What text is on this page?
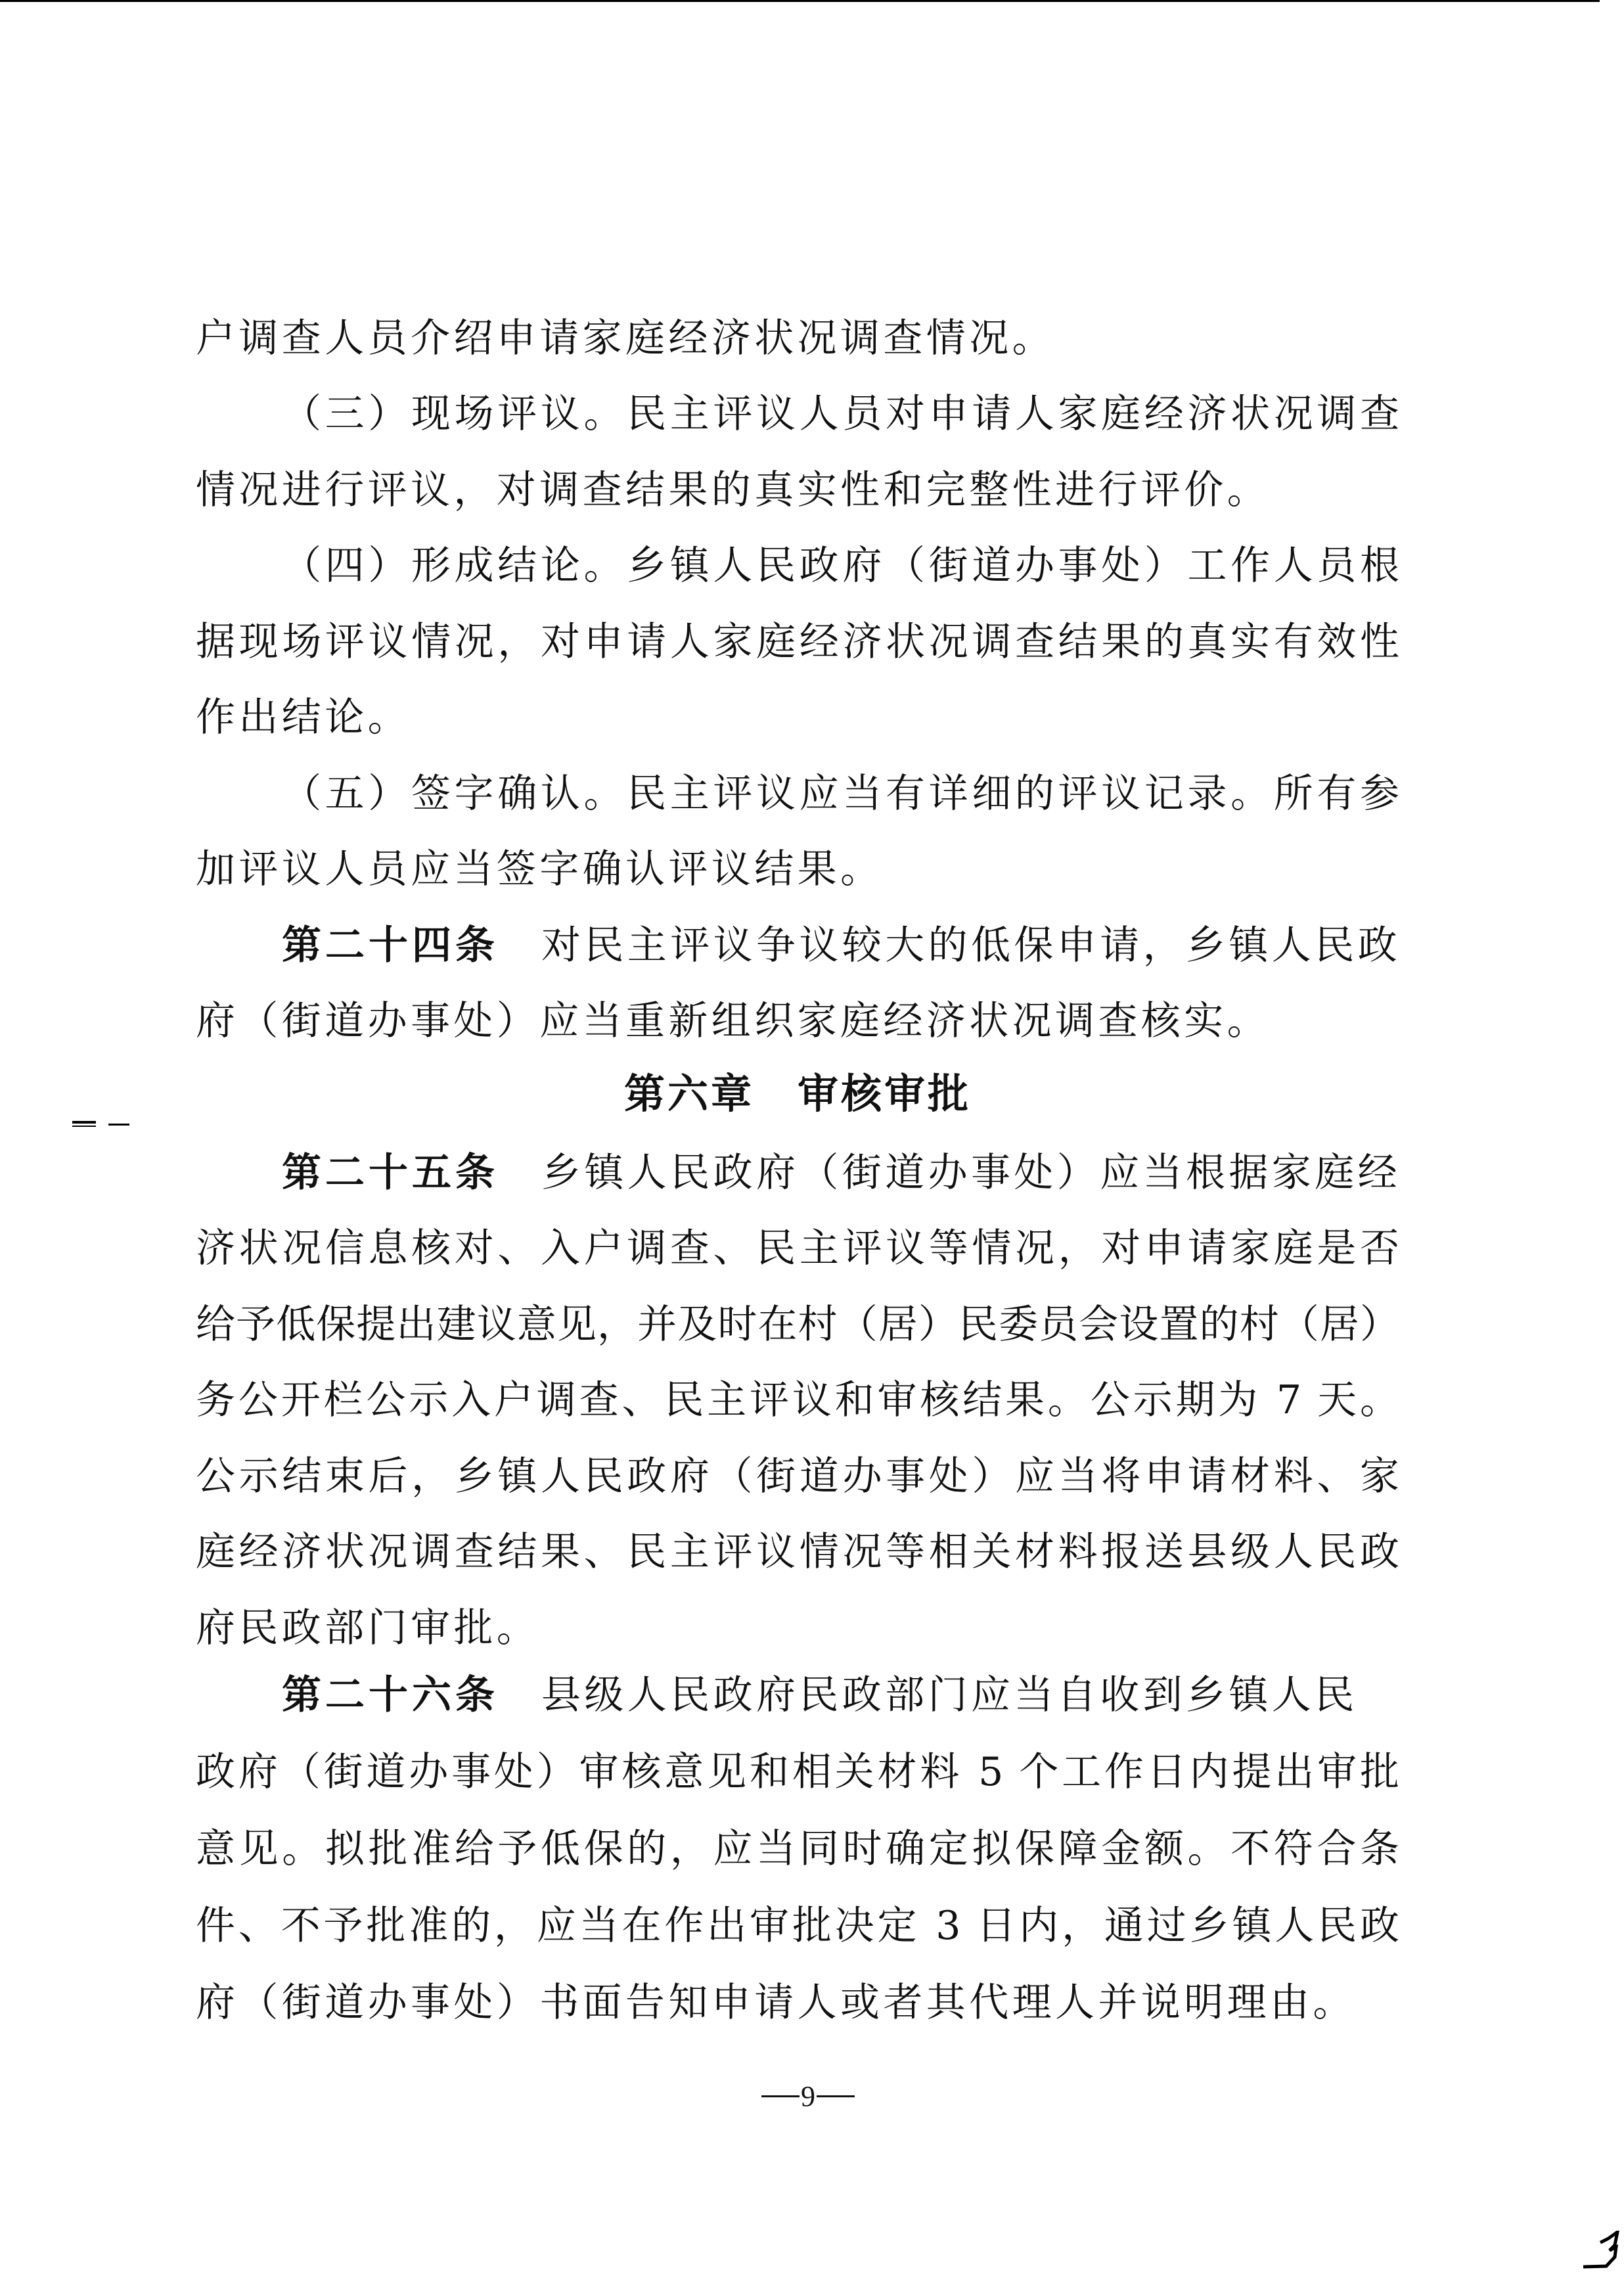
户调查人员介绍申请家庭经济状况调查情况。
（三）现场评议。民主评议人员对申请人家庭经济状况调查
情况进行评议，对调查结果的真实性和完整性进行评价。
（四）形成结论。乡镇人民政府（街道办事处）工作人员根
据现场评议情况，对申请人家庭经济状况调查结果的真实有效性
作出结论。
（五）签字确认。民主评议应当有详细的评议记录。所有参
加评议人员应当签字确认评议结果。
第二十四条 对民主评议争议较大的低保申请，乡镇人民政
府（街道办事处）应当重新组织家庭经济状况调查核实。
第六章　审核审批
第二十五条 乡镇人民政府（街道办事处）应当根据家庭经
济状况信息核对、入户调查、民主评议等情况，对申请家庭是否
给予低保提出建议意见，并及时在村（居）民委员会设置的村（居）
务公开栏公示入户调查、民主评议和审核结果。公示期为 7 天。
公示结束后，乡镇人民政府（街道办事处）应当将申请材料、家
庭经济状况调查结果、民主评议情况等相关材料报送县级人民政
府民政部门审批。
第二十六条 县级人民政府民政部门应当自收到乡镇人民
政府（街道办事处）审核意见和相关材料 5 个工作日内提出审批
意见。拟批准给予低保的，应当同时确定拟保障金额。不符合条
件、不予批准的，应当在作出审批决定 3 日内，通过乡镇人民政
府（街道办事处）书面告知申请人或者其代理人并说明理由。
9
